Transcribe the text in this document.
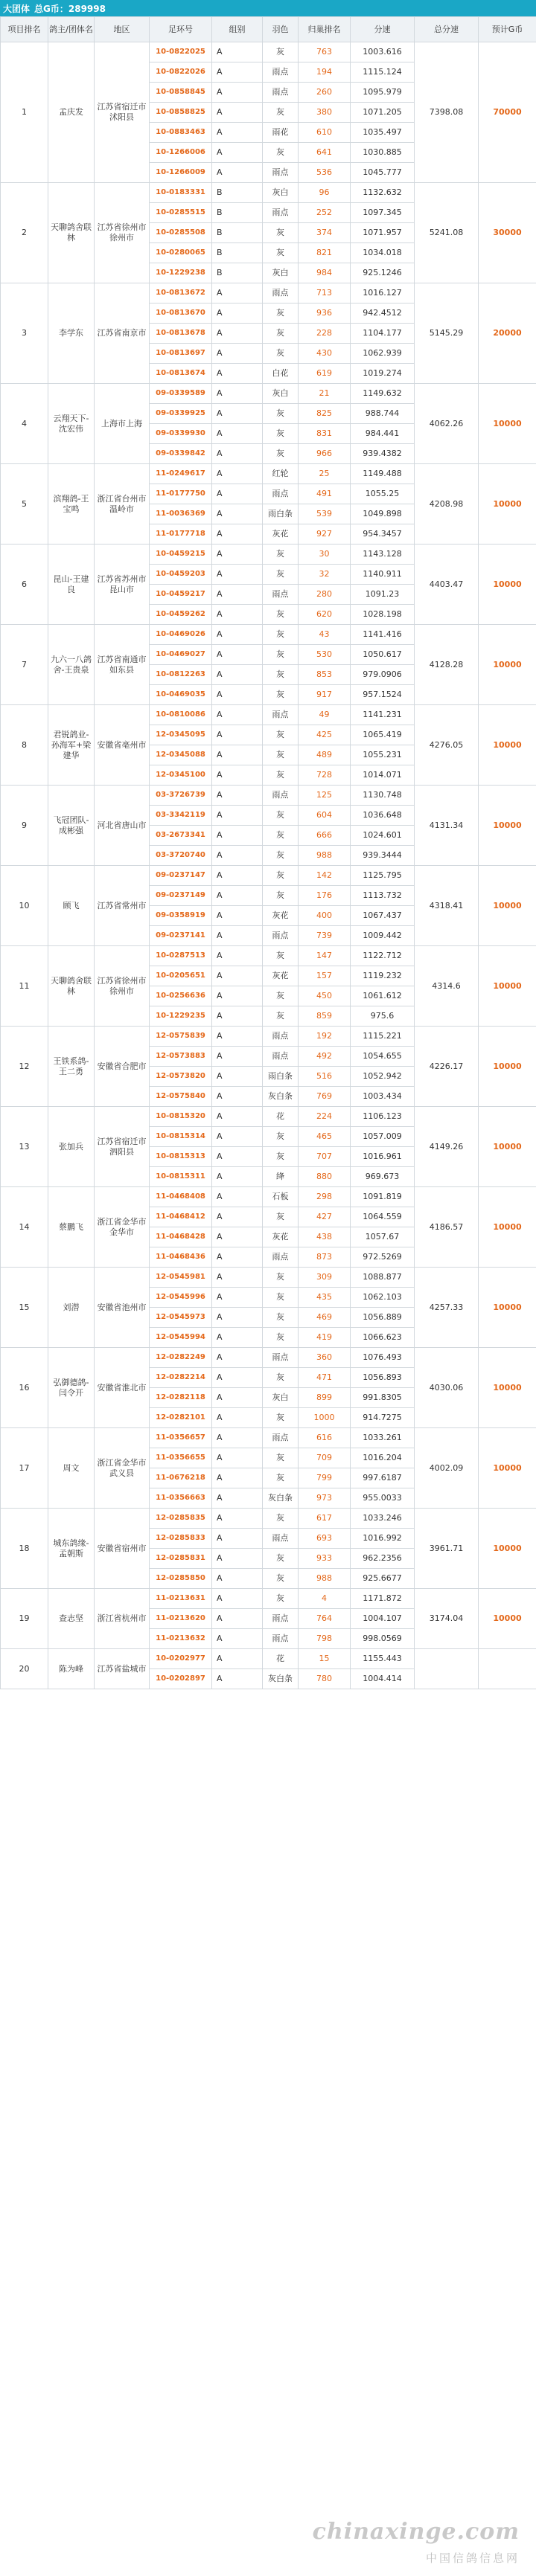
大团体 总G币：289998
项目排名	鸽主/团体名	地区	足环号	组别	羽色	归巢排名	分速	总分速	预计G币
1	孟庆发	江苏省宿迁市沭阳县	10-0822025	A	灰	763	1003.616	7398.08	70000
			10-0822026	A	雨点	194	1115.124		
			10-0858845	A	雨点	260	1095.979		
			10-0858825	A	灰	380	1071.205		
			10-0883463	A	雨花	610	1035.497		
			10-1266006	A	灰	641	1030.885		
			10-1266009	A	雨点	536	1045.777		
2	天聊鸽舍联林	江苏省徐州市徐州市	10-0183331	B	灰白	96	1132.632	5241.08	30000
			10-0285515	B	雨点	252	1097.345		
			10-0285508	B	灰	374	1071.957		
			10-0280065	B	灰	821	1034.018		
			10-1229238	B	灰白	984	925.1246		
3	李学东	江苏省南京市	10-0813672	A	雨点	713	1016.127	5145.29	20000
			10-0813670	A	灰	936	942.4512		
			10-0813678	A	灰	228	1104.177		
			10-0813697	A	灰	430	1062.939		
			10-0813674	A	白花	619	1019.274		
4	云翔天下-沈宏伟	上海市上海	09-0339589	A	灰白	21	1149.632	4062.26	10000
			09-0339925	A	灰	825	988.744		
			09-0339930	A	灰	831	984.441		
			09-0339842	A	灰	966	939.4382		
5	滨翔鸽-王宝鸣	浙江省台州市温岭市	11-0249617	A	红轮	25	1149.488	4208.98	10000
			11-0177750	A	雨点	491	1055.25		
			11-0036369	A	雨白条	539	1049.898		
			11-0177718	A	灰花	927	954.3457		
6	昆山-王建良	江苏省苏州市昆山市	10-0459215	A	灰	30	1143.128	4403.47	10000
			10-0459203	A	灰	32	1140.911		
			10-0459217	A	雨点	280	1091.23		
			10-0459262	A	灰	620	1028.198		
7	九六一八鸽舍-王贵泉	江苏省南通市如东县	10-0469026	A	灰	43	1141.416	4128.28	10000
			10-0469027	A	灰	530	1050.617		
			10-0812263	A	灰	853	979.0906		
			10-0469035	A	灰	917	957.1524		
8	君锐鸽业-孙海军+梁建华	安徽省亳州市	10-0810086	A	雨点	49	1141.231	4276.05	10000
			12-0345095	A	灰	425	1065.419		
			12-0345088	A	灰	489	1055.231		
			12-0345100	A	灰	728	1014.071		
9	飞冠团队-成彬强	河北省唐山市	03-3726739	A	雨点	125	1130.748	4131.34	10000
			03-3342119	A	灰	604	1036.648		
			03-2673341	A	灰	666	1024.601		
			03-3720740	A	灰	988	939.3444		
10	顾飞	江苏省常州市	09-0237147	A	灰	142	1125.795	4318.41	10000
			09-0237149	A	灰	176	1113.732		
			09-0358919	A	灰花	400	1067.437		
			09-0237141	A	雨点	739	1009.442		
11	天聊鸽舍联林	江苏省徐州市徐州市	10-0287513	A	灰	147	1122.712	4314.6	10000
			10-0205651	A	灰花	157	1119.232		
			10-0256636	A	灰	450	1061.612		
			10-1229235	A	灰	859	975.6		
12	王铁系鸽-王二勇	安徽省合肥市	12-0575839	A	雨点	192	1115.221	4226.17	10000
			12-0573883	A	雨点	492	1054.655		
			12-0573820	A	雨白条	516	1052.942		
			12-0575840	A	灰白条	769	1003.434		
13	张加兵	江苏省宿迁市泗阳县	10-0815320	A	花	224	1106.123	4149.26	10000
			10-0815314	A	灰	465	1057.009		
			10-0815313	A	灰	707	1016.961		
			10-0815311	A	绛	880	969.673		
14	蔡鹏飞	浙江省金华市金华市	11-0468408	A	石板	298	1091.819	4186.57	10000
			11-0468412	A	灰	427	1064.559		
			11-0468428	A	灰花	438	1057.67		
			11-0468436	A	雨点	873	972.5269		
15	刘潜	安徽省池州市	12-0545981	A	灰	309	1088.877	4257.33	10000
			12-0545996	A	灰	435	1062.103		
			12-0545973	A	灰	469	1056.889		
			12-0545994	A	灰	419	1066.623		
16	弘御德鸽-闫令开	安徽省淮北市	12-0282249	A	雨点	360	1076.493	4030.06	10000
			12-0282214	A	灰	471	1056.893		
			12-0282118	A	灰白	899	991.8305		
			12-0282101	A	灰	1000	914.7275		
17	周文	浙江省金华市武义县	11-0356657	A	雨点	616	1033.261	4002.09	10000
			11-0356655	A	灰	709	1016.204		
			11-0676218	A	灰	799	997.6187		
			11-0356663	A	灰白条	973	955.0033		
18	城东鸽缘-孟朝斯	安徽省宿州市	12-0285835	A	灰	617	1033.246	3961.71	10000
			12-0285833	A	雨点	693	1016.992		
			12-0285831	A	灰	933	962.2356		
			12-0285850	A	灰	988	925.6677		
19	查志坚	浙江省杭州市	11-0213631	A	灰	4	1171.872	3174.04	10000
			11-0213620	A	雨点	764	1004.107		
			11-0213632	A	雨点	798	998.0569		
20	陈为峰	江苏省盐城市	10-0202977	A	花	15	1155.443		
			10-0202897	A	灰白条	780	1004.414		
chinaxinge.com
中国信鸽信息网
